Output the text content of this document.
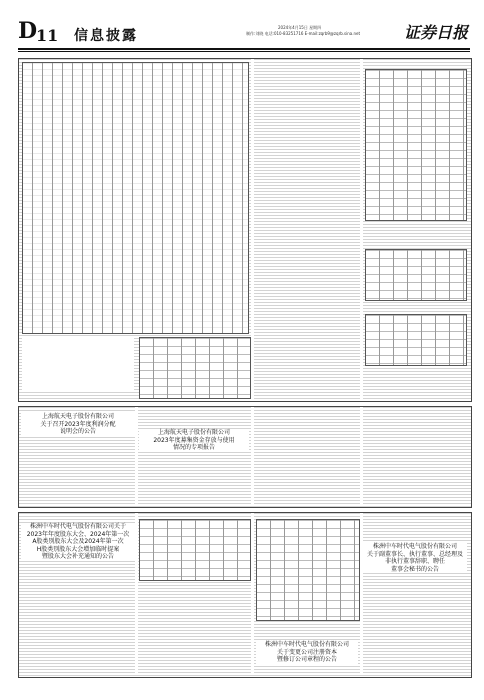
D
11 信息披露
2024年4月15日 星期四
制作:刘晓 电话:010-83251716 E-mail:zqrb9@zqrb.sina.net	证券日报
上海航天电子股份有限公司
关于召开2023年度利润分配
说明会的公告	上海航天电子股份有限公司
2023年度募集资金存放与使用
情况的专项报告
株洲中车时代电气股份有限公司关于
2023年年度股东大会、2024年第一次
A股类别股东大会及2024年第一次
H股类别股东大会增加临时提案
暨股东大会补充通知的公告
株洲中车时代电气股份有限公司
关于变更公司注册资本
暨修订公司章程的公告
株洲中车时代电气股份有限公司
关于副董事长、执行董事、总经理及
非执行董事辞职、聘任
董事会秘书的公告
